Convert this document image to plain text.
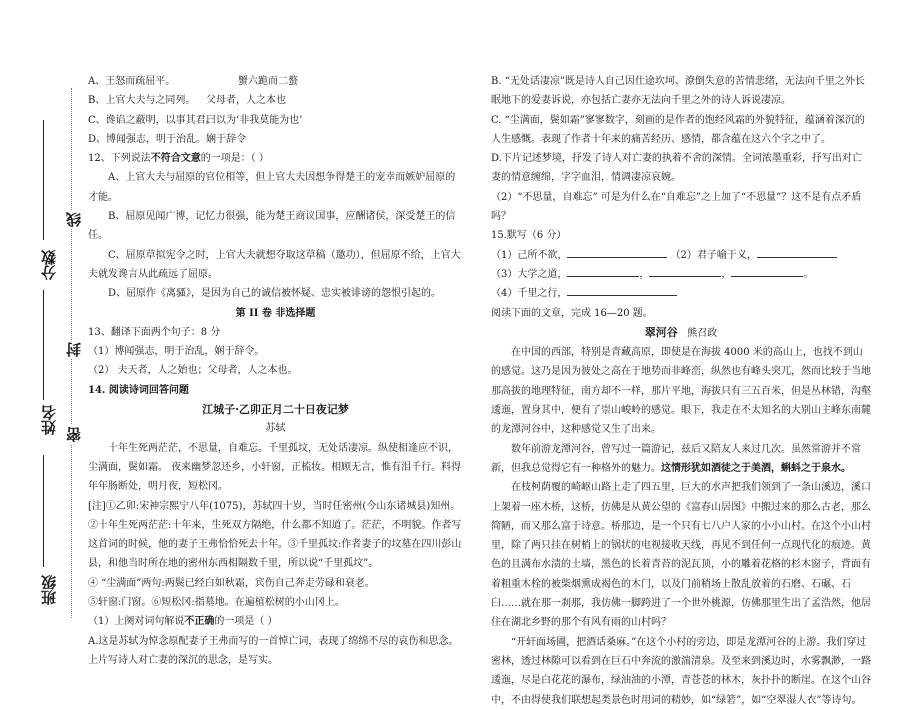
线
封
密
分数
姓名
班级
A、王怒而疏屈平。	蟹六跪而二螯
B、上官大夫与之同列。 父母者，人之本也
C、谗谄之蔽明，以事其君。曰以为‘非我莫能为也’
D、博闻强志，明于治乱。娴于辞令
12、下列说法不符合文意的一项是：（ ）
A、上官大夫与屈原的官位相等，但上官大夫因想争得楚王的宠幸而嫉妒屈原的才能。
B、屈原见闻广博，记忆力很强，能为楚王商议国事，应酬诸侯，深受楚王的信任。
C、屈原草拟宪令之时，上官大夫就想夺取这草稿（邀功），但屈原不给，上官大夫就发谗言从此疏远了屈原。
D、屈原作《离骚》，是因为自己的诚信被怀疑、忠实被诽谤的怨恨引起的。
第 II 卷 非选择题
13、翻译下面两个句子：8 分
（1）博闻强志，明于治乱，娴于辞令。
（2） 夫天者，人之始也；父母者，人之本也。
14. 阅读诗词回答问题
江城子·乙卯正月二十日夜记梦
苏轼
十年生死两茫茫，不思量，自难忘。千里孤坟，无处话凄凉。纵使相逢应不识，尘满面，鬓如霜。 夜来幽梦忽还乡，小轩窗，正梳妆。相顾无言，惟有泪千行。料得年年肠断处，明月夜，短松冈。
[注]①乙卯:宋神宗熙宁八年(1075)，苏轼四十岁，当时任密州(今山东诸城县)知州。
②十年生死两茫茫:十年来，生死双方隔绝，什么都不知道了。茫茫，不明貌。作者写这首词的时候，他的妻子王弗恰恰死去十年。③千里孤坟:作者妻子的坟墓在四川彭山县，和他当时所在地的密州东西相隔数千里，所以说“千里孤坟”。
④ “尘满面”两句:两鬓已经白如秋霜，宾伤自己奔走劳碌和衰老。
⑤轩窗:门窗。⑥短松冈:指墓地。在遍植松树的小山冈上。
（1）上阕对词句解说不正确的一项是（ ）
A.这是苏轼为悼念原配妻子王弗而写的一首悼亡词，表现了绵绵不尽的哀伤和思念。上片写诗人对亡妻的深沉的思念，是写实。
B. “无处话凄凉”既是诗人自己因仕途坎坷、潦倒失意的苦情悲绪，无法向千里之外长眠地下的爱妻诉说，亦包括亡妻亦无法向千里之外的诗人诉说凄凉。
C. “尘满面，鬓如霜”寥寥数字，刻画的是作者的饱经风霜的外貌特征，蕴涵着深沉的人生感慨。表现了作者十年来的痛苦经历、感情，都含蕴在这六个字之中了。
D.下片记述梦境，抒发了诗人对亡妻的执着不舍的深情。全词浓墨重彩，抒写出对亡妻的情意缠绵，字字血泪，情调凄凉哀婉。
（2）“不思量，自难忘” 可是为什么在“自难忘”之上加了“不思量”？这不是有点矛盾吗？
15.默写（6 分）
（1）己所不欲，	（2）君子喻于义，
（3）大学之道，	，	，	。
（4）千里之行，
阅读下面的文章，完成 16—20 题。
翠河谷 熊召政
在中国的西部，特别是青藏高原，即使是在海拔 4000 米的高山上，也找不到山的感觉。这乃是因为彼处之高在于地势而非峰峦，纵然也有峰头突兀，然而比较于当地那高拔的地理特征，南方却不一样，那片平地，海拔只有三五百米，但是丛林错，沟壑逶迤，置身其中，便有了崇山峻岭的感觉。眼下，我走在不太知名的大别山主峰东南麓的龙潭河谷中，这种感觉又生了出来。
数年前游龙潭河谷，曾写过一篇游记，兹后又陪友人来过几次。虽然常游并不常新，但我总觉得它有一种格外的魅力。这情形犹如酒徒之于美酒，蝌蚪之于泉水。
在枝柯荫覆的崎岖山路上走了四五里，巨大的水声把我们领到了一条山溪边，溪口上架着一座木桥，这桥，仿佛是从黄公望的《富春山居图》中搬过来的那么古老，那么简陋，而又那么富于诗意。桥那边，是一个只有七八户人家的小小山村。在这个小山村里，除了两只挂在树梢上的锅状的电视接收天线，再见不到任何一点现代化的痕迹。黄色的且满布水渍的土墙，黑色的长着青苔的泥瓦顶，小的雕着花格的杉木窗子，背面有着粗重木栓的被柴烟熏成褐色的木门，以及门前稍场上散乱放着的石磨、石碾、石臼……就在那一刹那，我仿佛一脚跨进了一个世外桃源，仿佛那里生出了孟浩然，他居住在湖北乡野的那个有风有雨的山村吗？
“开轩面场圃，把酒话桑麻。”在这个小村的旁边，即是龙潭河谷的上游。我们穿过密林，透过林隙可以看到在巨石中奔流的激湍清泉。及至来到溪边时，水雾飘渺，一路逶迤，尽是白花花的瀑布，绿油油的小潭，青苍苍的林木，灰扑扑的断崖。在这个山谷中，不由得使我们联想起类景色时用词的精妙，如“绿箬”，如“空翠湿人衣”等诗句。
